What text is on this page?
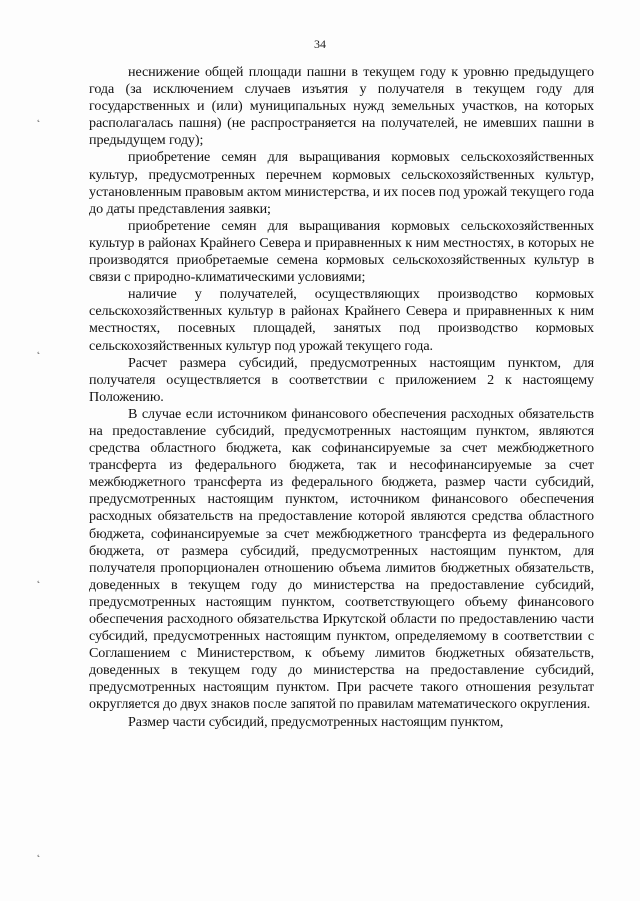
34
˛
˛
˛
˛

неснижение общей площади пашни в текущем году к уровню предыдущего года (за исключением случаев изъятия у получателя в текущем году для государственных и (или) муниципальных нужд земельных участков, на которых располагалась пашня) (не распространяется на получателей, не имевших пашни в предыдущем году);

приобретение семян для выращивания кормовых сельскохозяйственных культур, предусмотренных перечнем кормовых сельскохозяйственных культур, установленным правовым актом министерства, и их посев под урожай текущего года до даты представления заявки;

приобретение семян для выращивания кормовых сельскохозяйственных культур в районах Крайнего Севера и приравненных к ним местностях, в которых не производятся приобретаемые семена кормовых сельскохозяйственных культур в связи с природно-климатическими условиями;

наличие у получателей, осуществляющих производство кормовых сельскохозяйственных культур в районах Крайнего Севера и приравненных к ним местностях, посевных площадей, занятых под производство кормовых сельскохозяйственных культур под урожай текущего года.

Расчет размера субсидий, предусмотренных настоящим пунктом, для получателя осуществляется в соответствии с приложением 2 к настоящему Положению.

В случае если источником финансового обеспечения расходных обязательств на предоставление субсидий, предусмотренных настоящим пунктом, являются средства областного бюджета, как софинансируемые за счет межбюджетного трансферта из федерального бюджета, так и несофинансируемые за счет межбюджетного трансферта из федерального бюджета, размер части субсидий, предусмотренных настоящим пунктом, источником финансового обеспечения расходных обязательств на предоставление которой являются средства областного бюджета, софинансируемые за счет межбюджетного трансферта из федерального бюджета, от размера субсидий, предусмотренных настоящим пунктом, для получателя пропорционален отношению объема лимитов бюджетных обязательств, доведенных в текущем году до министерства на предоставление субсидий, предусмотренных настоящим пунктом, соответствующего объему финансового обеспечения расходного обязательства Иркутской области по предоставлению части субсидий, предусмотренных настоящим пунктом, определяемому в соответствии с Соглашением с Министерством, к объему лимитов бюджетных обязательств, доведенных в текущем году до министерства на предоставление субсидий, предусмотренных настоящим пунктом. При расчете такого отношения результат округляется до двух знаков после запятой по правилам математического округления.

Размер части субсидий, предусмотренных настоящим пунктом,
